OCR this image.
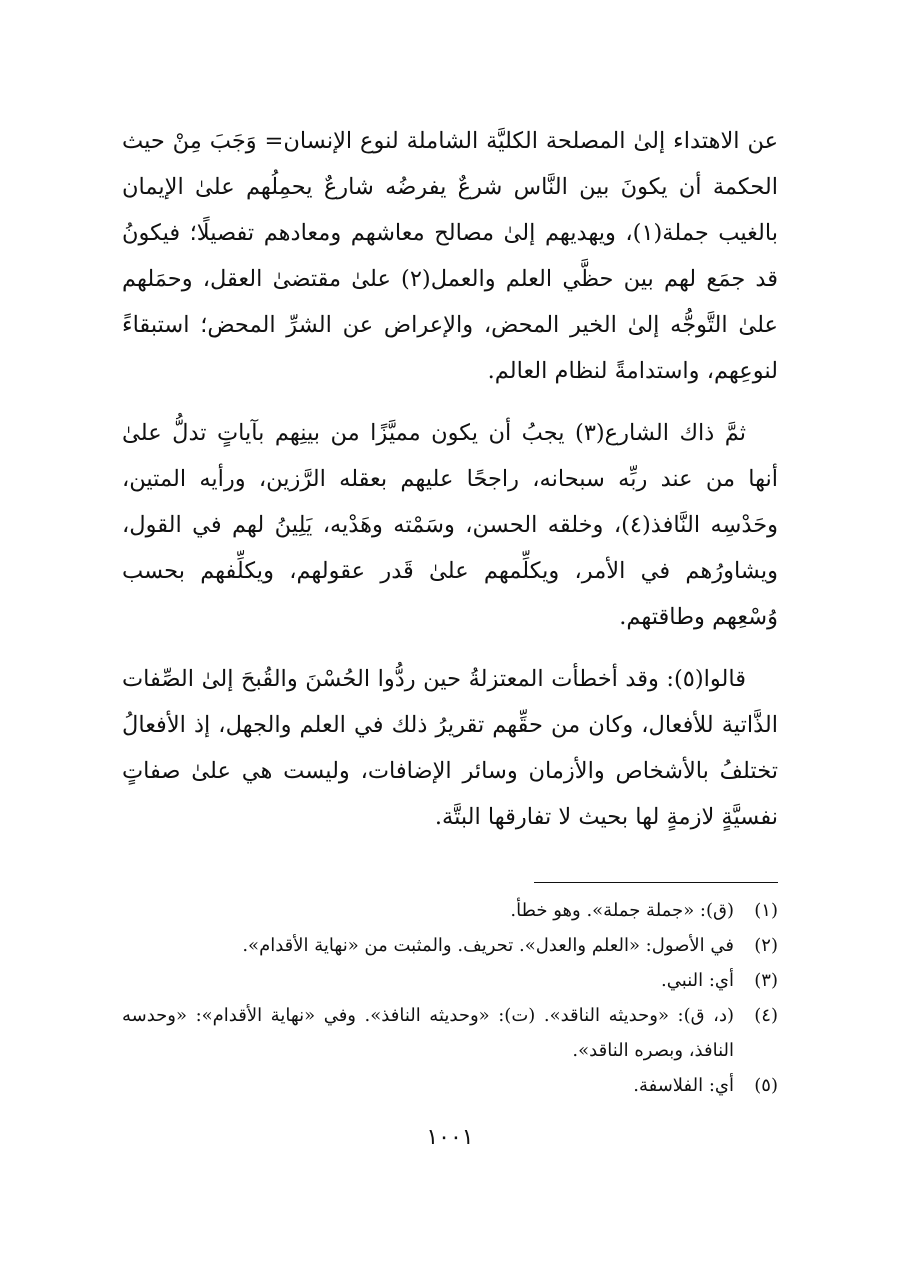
عن الاهتداء إلىٰ المصلحة الكليَّة الشاملة لنوع الإنسان= وَجَبَ مِنْ حيث الحكمة أن يكونَ بين النَّاس شرعٌ يفرضُه شارعٌ يحمِلُهم علىٰ الإيمان بالغيب جملة(١)، ويهديهم إلىٰ مصالح معاشهم ومعادهم تفصيلًا؛ فيكونُ قد جمَع لهم بين حظَّي العلم والعمل(٢) علىٰ مقتضىٰ العقل، وحمَلهم علىٰ التَّوجُّه إلىٰ الخير المحض، والإعراض عن الشرِّ المحض؛ استبقاءً لنوعِهم، واستدامةً لنظام العالم.

ثمَّ ذاك الشارع(٣) يجبُ أن يكون مميَّزًا من بينِهم بآياتٍ تدلُّ علىٰ أنها من عند ربِّه سبحانه، راجحًا عليهم بعقله الرَّزين، ورأيه المتين، وحَدْسِه النَّافذ(٤)، وخلقه الحسن، وسَمْته وهَدْيه، يَلِينُ لهم في القول، ويشاورُهم في الأمر، ويكلِّمهم علىٰ قَدر عقولهم، ويكلِّفهم بحسب وُسْعِهم وطاقتهم.

قالوا(٥): وقد أخطأت المعتزلةُ حين ردُّوا الحُسْنَ والقُبحَ إلىٰ الصِّفات الذَّاتية للأفعال، وكان من حقِّهم تقريرُ ذلك في العلم والجهل، إذ الأفعالُ تختلفُ بالأشخاص والأزمان وسائر الإضافات، وليست هي علىٰ صفاتٍ نفسيَّةٍ لازمةٍ لها بحيث لا تفارقها البتَّة.

(١)
(ق): «جملة جملة». وهو خطأ.
(٢)
في الأصول: «العلم والعدل». تحريف. والمثبت من «نهاية الأقدام».
(٣)
أي: النبي.
(٤)
(د، ق): «وحديثه الناقد». (ت): «وحديثه النافذ». وفي «نهاية الأقدام»: «وحدسه النافذ، وبصره الناقد».
(٥)
أي: الفلاسفة.
١٠٠١
